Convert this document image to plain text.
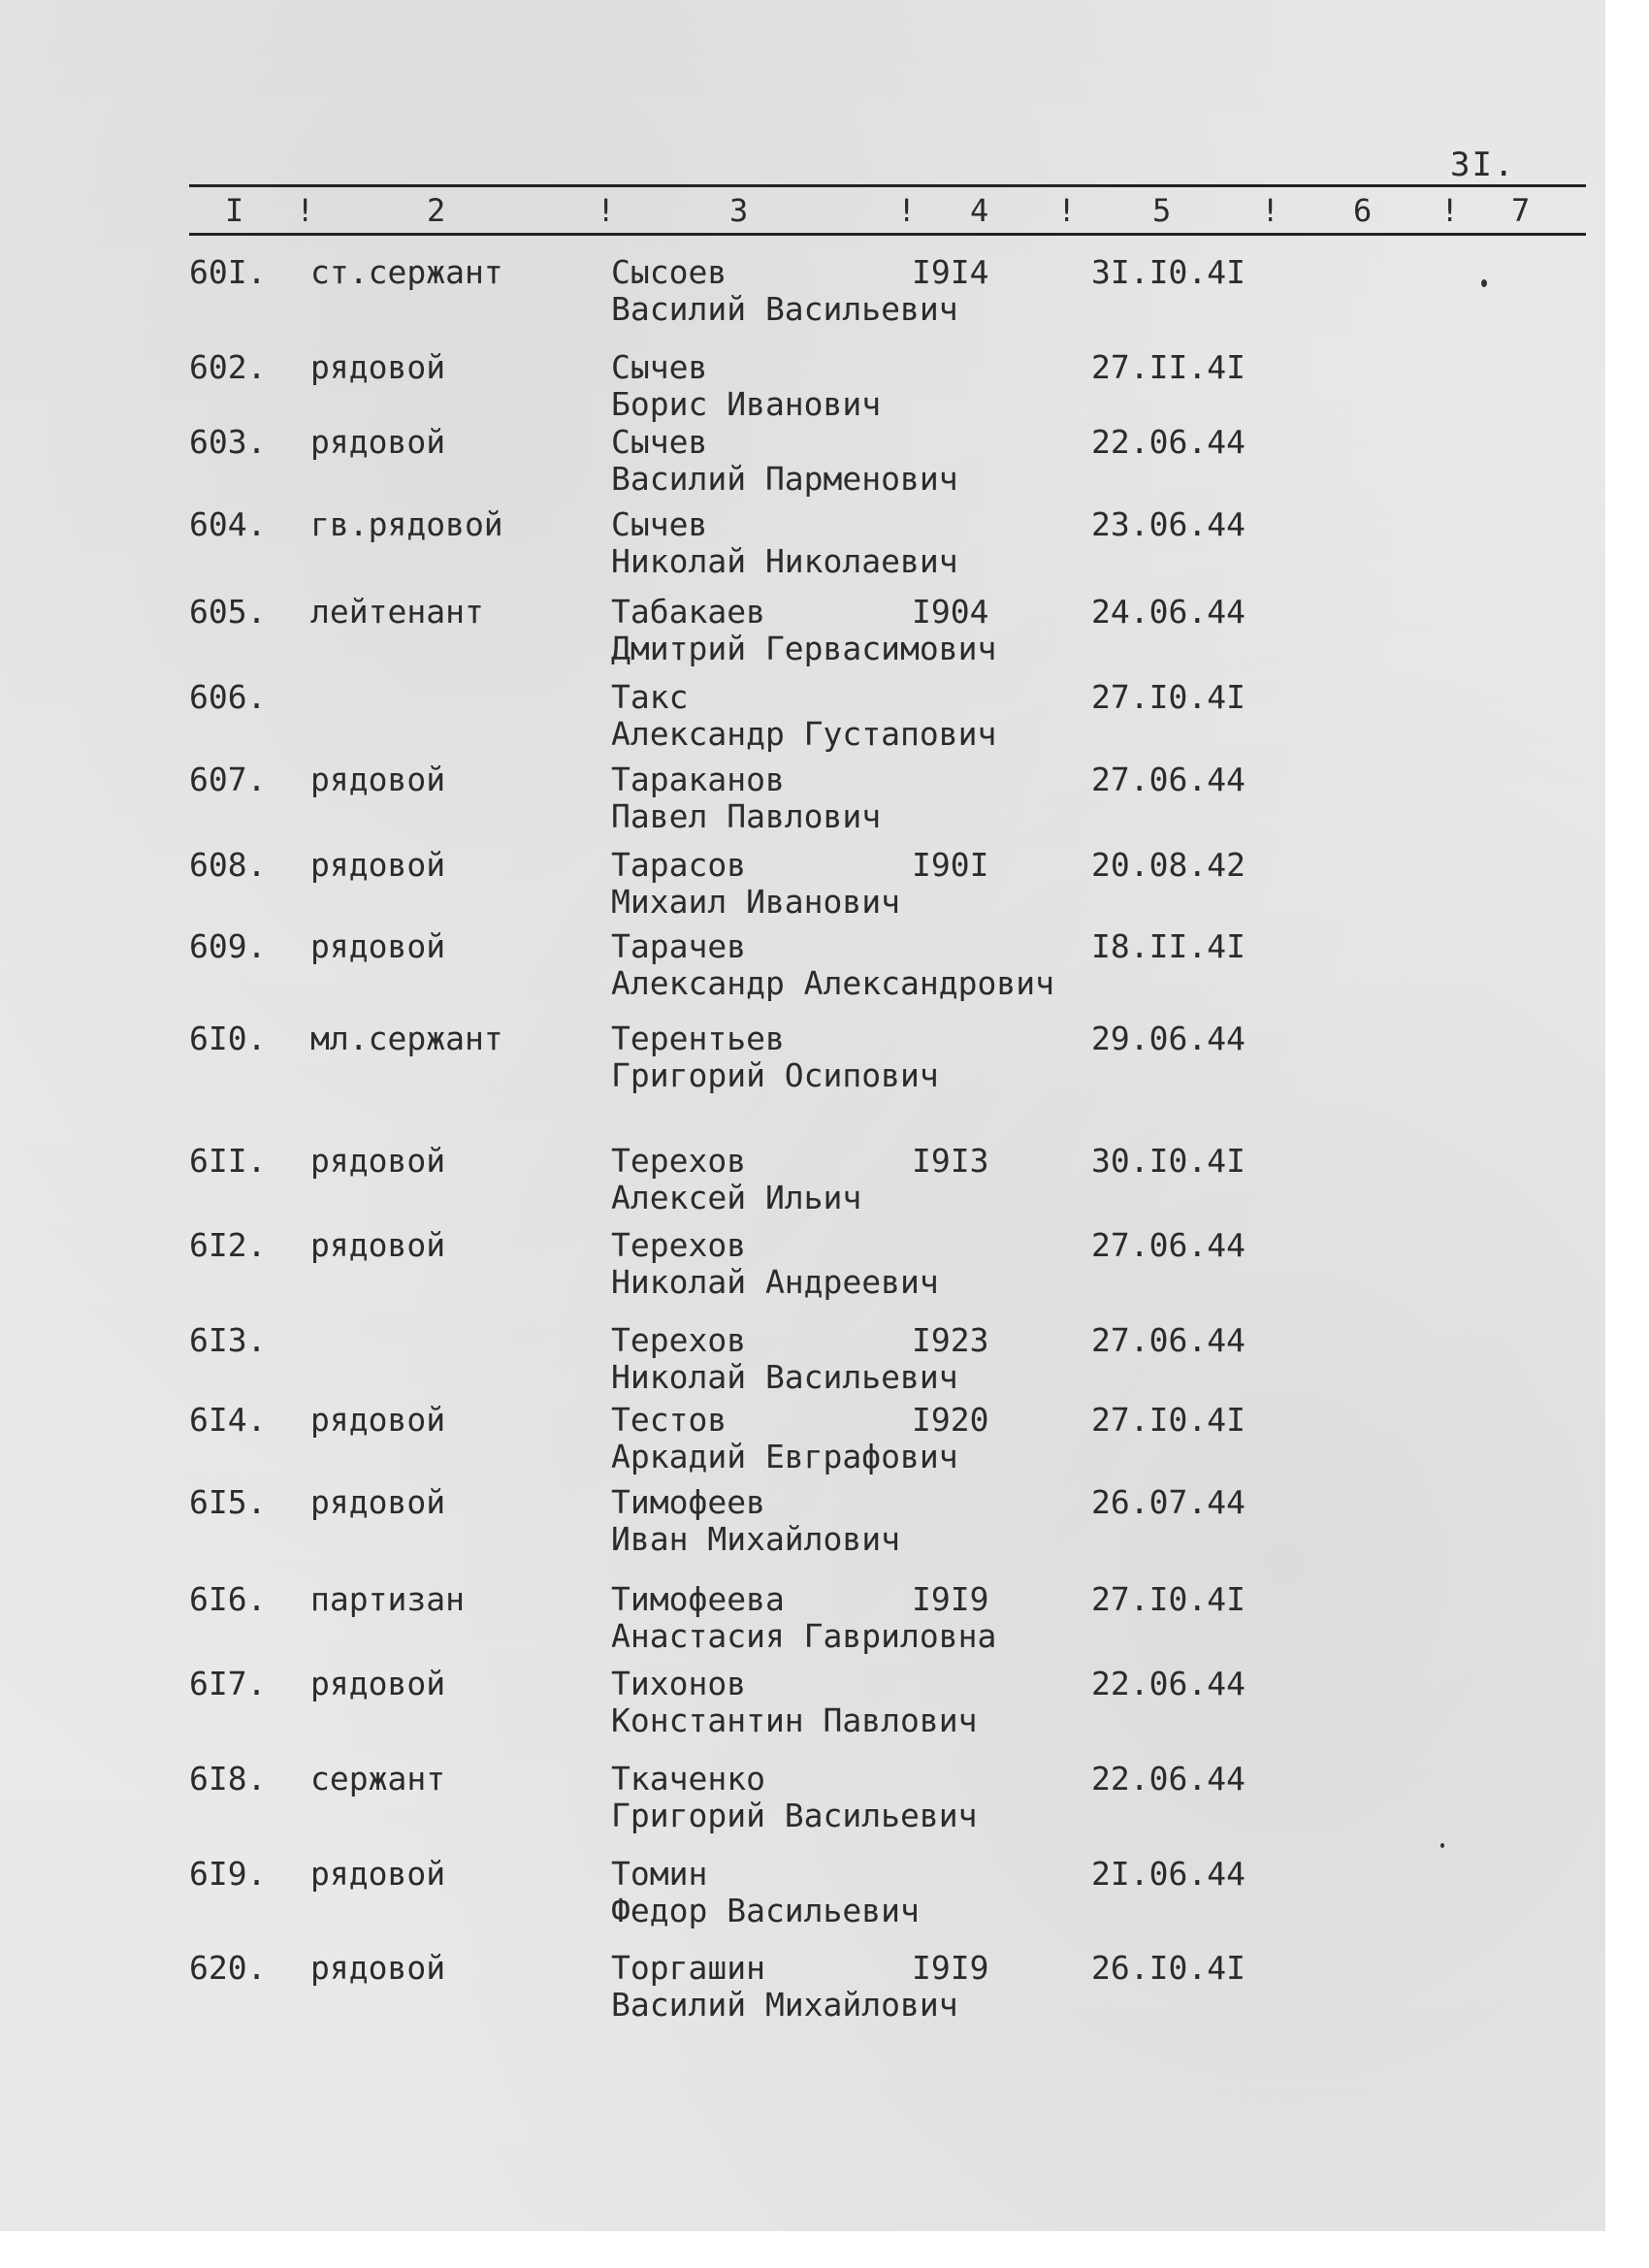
3I.
I !	2	!	3	! 4 ! 5	! 6 ! 7
60I. ст.сержант	Сысоев
Василий Васильевич
I9I4	3I.I0.4I
602. рядовой	Сычев
Борис Иванович
27.II.4I
603. рядовой	Сычев
Василий Парменович
22.06.44
604. гв.рядовой	Сычев
Николай Николаевич
23.06.44
605. лейтенант	Табакаев
Дмитрий Гервасимович
I904	24.06.44
606.	Такс
Александр Густапович
27.I0.4I
607. рядовой	Тараканов
Павел Павлович
27.06.44
608. рядовой	Тарасов
Михаил Иванович
I90I	20.08.42
609. рядовой	Тарачев
Александр Александрович
I8.II.4I
6I0. мл.сержант	Терентьев
Григорий Осипович
29.06.44
6II. рядовой	Терехов
Алексей Ильич
I9I3	30.I0.4I
6I2. рядовой	Терехов
Николай Андреевич
27.06.44
6I3.	Терехов
Николай Васильевич
I923	27.06.44
6I4. рядовой	Тестов
Аркадий Евграфович
I920	27.I0.4I
6I5. рядовой	Тимофеев
Иван Михайлович
26.07.44
6I6. партизан	Тимофеева
Анастасия Гавриловна
I9I9	27.I0.4I
6I7. рядовой	Тихонов
Константин Павлович
22.06.44
6I8. сержант	Ткаченко
Григорий Васильевич
22.06.44
6I9. рядовой	Томин
Федор Васильевич
2I.06.44
620. рядовой	Торгашин
Василий Михайлович
I9I9	26.I0.4I
